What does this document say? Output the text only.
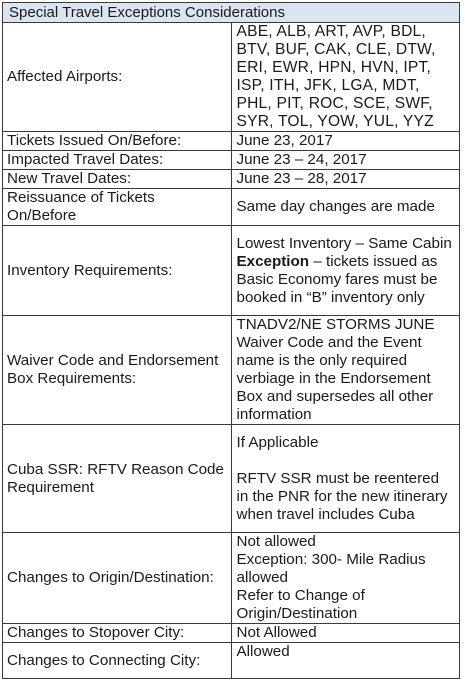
Special Travel Exceptions Considerations	
Affected Airports:	ABE, ALB, ART, AVP, BDL, BTV, BUF, CAK, CLE, DTW, ERI, EWR, HPN, HVN, IPT, ISP, ITH, JFK, LGA, MDT, PHL, PIT, ROC, SCE, SWF, SYR, TOL, YOW, YUL, YYZ
Tickets Issued On/Before:	June 23, 2017
Impacted Travel Dates:	June 23 – 24, 2017
New Travel Dates:	June 23 – 28, 2017
Reissuance of Tickets On/Before	Same day changes are made
Inventory Requirements:	Lowest Inventory – Same Cabin
Exception – tickets issued as Basic Economy fares must be booked in “B” inventory only

Waiver Code and Endorsement Box Requirements:	TNADV2/NE STORMS JUNE Waiver Code and the Event name is the only required verbiage in the Endorsement Box and supersedes all other information
Cuba SSR: RFTV Reason Code Requirement	If Applicable
RFTV SSR must be reentered in the PNR for the new itinerary when travel includes Cuba

Changes to Origin/Destination:	Not allowed
Exception: 300- Mile Radius allowed
Refer to Change of Origin/Destination

Changes to Stopover City:	Not Allowed
Changes to Connecting City:	Allowed
